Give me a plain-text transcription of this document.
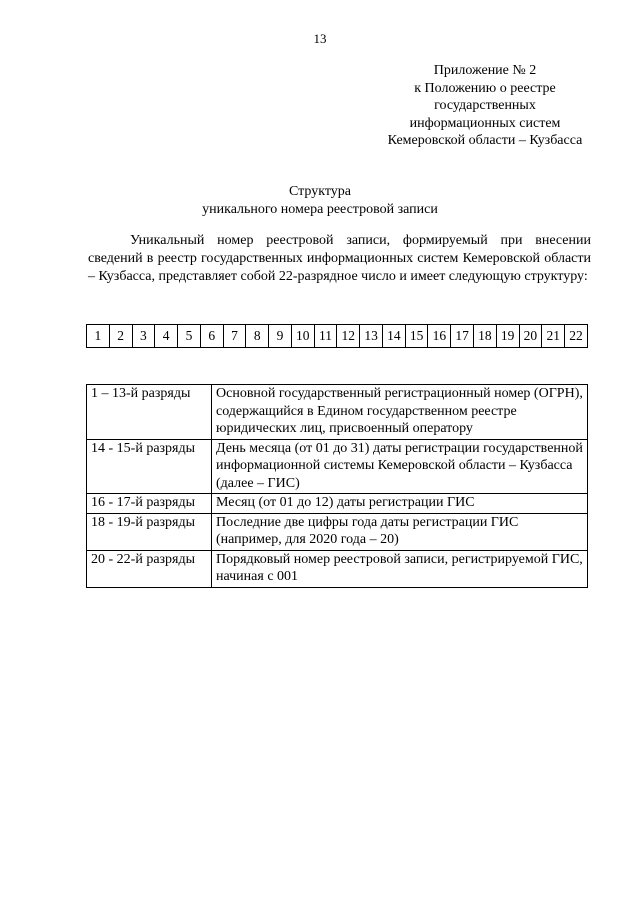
13
Приложение № 2
к Положению о реестре
государственных
информационных систем
Кемеровской области – Кузбасса
Структура
уникального номера реестровой записи

Уникальный номер реестровой записи, формируемый при внесении сведений в реестр государственных информационных систем Кемеровской области – Кузбасса, представляет собой 22-разрядное число и имеет следующую структуру:

1	2	3	4	5	6	7	8	9	10	11	12	13	14	15	16	17	18	19	20	21	22
1 – 13-й разряды	Основной государственный регистрационный номер (ОГРН), содержащийся в Едином государственном реестре юридических лиц, присвоенный оператору
14 - 15-й разряды	День месяца (от 01 до 31) даты регистрации государственной информационной системы Кемеровской области – Кузбасса (далее – ГИС)
16 - 17-й разряды	Месяц (от 01 до 12) даты регистрации ГИС
18 - 19-й разряды	Последние две цифры года даты регистрации ГИС (например, для 2020 года – 20)
20 - 22-й разряды	Порядковый номер реестровой записи, регистрируемой ГИС, начиная с 001
